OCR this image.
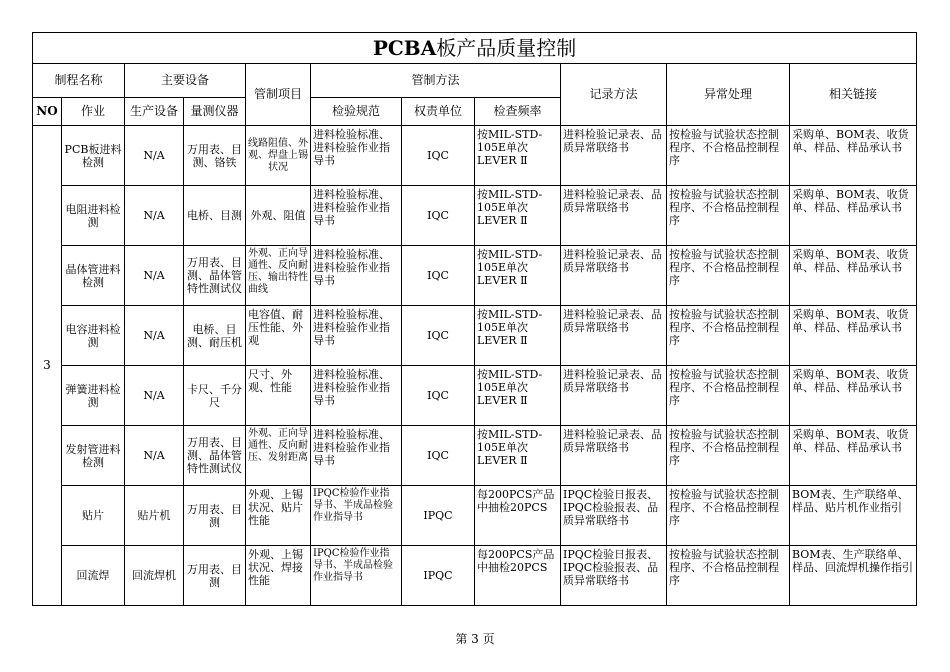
PCBA板产品质量控制										
制程名称		主要设备		管制项目	管制方法			记录方法	异常处理	相关链接
NO	作业	生产设备	量测仪器		检验规范	权责单位	检查频率			
3	PCB板进料检测	N/A	万用表、目测、铬铁	线路阻值、外观、焊盘上锡状况	进料检验标准、进料检验作业指导书	IQC	按MIL-STD-105E单次LEVER Ⅱ	进料检验记录表、品质异常联络书	按检验与试验状态控制程序、不合格品控制程序	采购单、BOM表、收货单、样品、样品承认书
	电阻进料检测	N/A	电桥、目测	外观、阻值	进料检验标准、进料检验作业指导书	IQC	按MIL-STD-105E单次LEVER Ⅱ	进料检验记录表、品质异常联络书	按检验与试验状态控制程序、不合格品控制程序	采购单、BOM表、收货单、样品、样品承认书
	晶体管进料检测	N/A	万用表、目测、晶体管特性测试仪	外观、正向导通性、反向耐压、输出特性曲线	进料检验标准、进料检验作业指导书	IQC	按MIL-STD-105E单次LEVER Ⅱ	进料检验记录表、品质异常联络书	按检验与试验状态控制程序、不合格品控制程序	采购单、BOM表、收货单、样品、样品承认书
	电容进料检测	N/A	电桥、目测、耐压机	电容值、耐压性能、外观	进料检验标准、进料检验作业指导书	IQC	按MIL-STD-105E单次LEVER Ⅱ	进料检验记录表、品质异常联络书	按检验与试验状态控制程序、不合格品控制程序	采购单、BOM表、收货单、样品、样品承认书
	弹簧进料检测	N/A	卡尺、千分尺	尺寸、外观、性能	进料检验标准、进料检验作业指导书	IQC	按MIL-STD-105E单次LEVER Ⅱ	进料检验记录表、品质异常联络书	按检验与试验状态控制程序、不合格品控制程序	采购单、BOM表、收货单、样品、样品承认书
	发射管进料检测	N/A	万用表、目测、晶体管特性测试仪	外观、正向导通性、反向耐压、发射距离	进料检验标准、进料检验作业指导书	IQC	按MIL-STD-105E单次LEVER Ⅱ	进料检验记录表、品质异常联络书	按检验与试验状态控制程序、不合格品控制程序	采购单、BOM表、收货单、样品、样品承认书
	贴片	贴片机	万用表、目测	外观、上锡状况、贴片性能	IPQC检验作业指导书、半成品检验作业指导书	IPQC	每200PCS产品中抽检20PCS	IPQC检验日报表、IPQC检验报表、品质异常联络书	按检验与试验状态控制程序、不合格品控制程序	BOM表、生产联络单、样品、贴片机作业指引
	回流焊	回流焊机	万用表、目测	外观、上锡状况、焊接性能	IPQC检验作业指导书、半成品检验作业指导书	IPQC	每200PCS产品中抽检20PCS	IPQC检验日报表、IPQC检验报表、品质异常联络书	按检验与试验状态控制程序、不合格品控制程序	BOM表、生产联络单、样品、回流焊机操作指引
第 3 页
